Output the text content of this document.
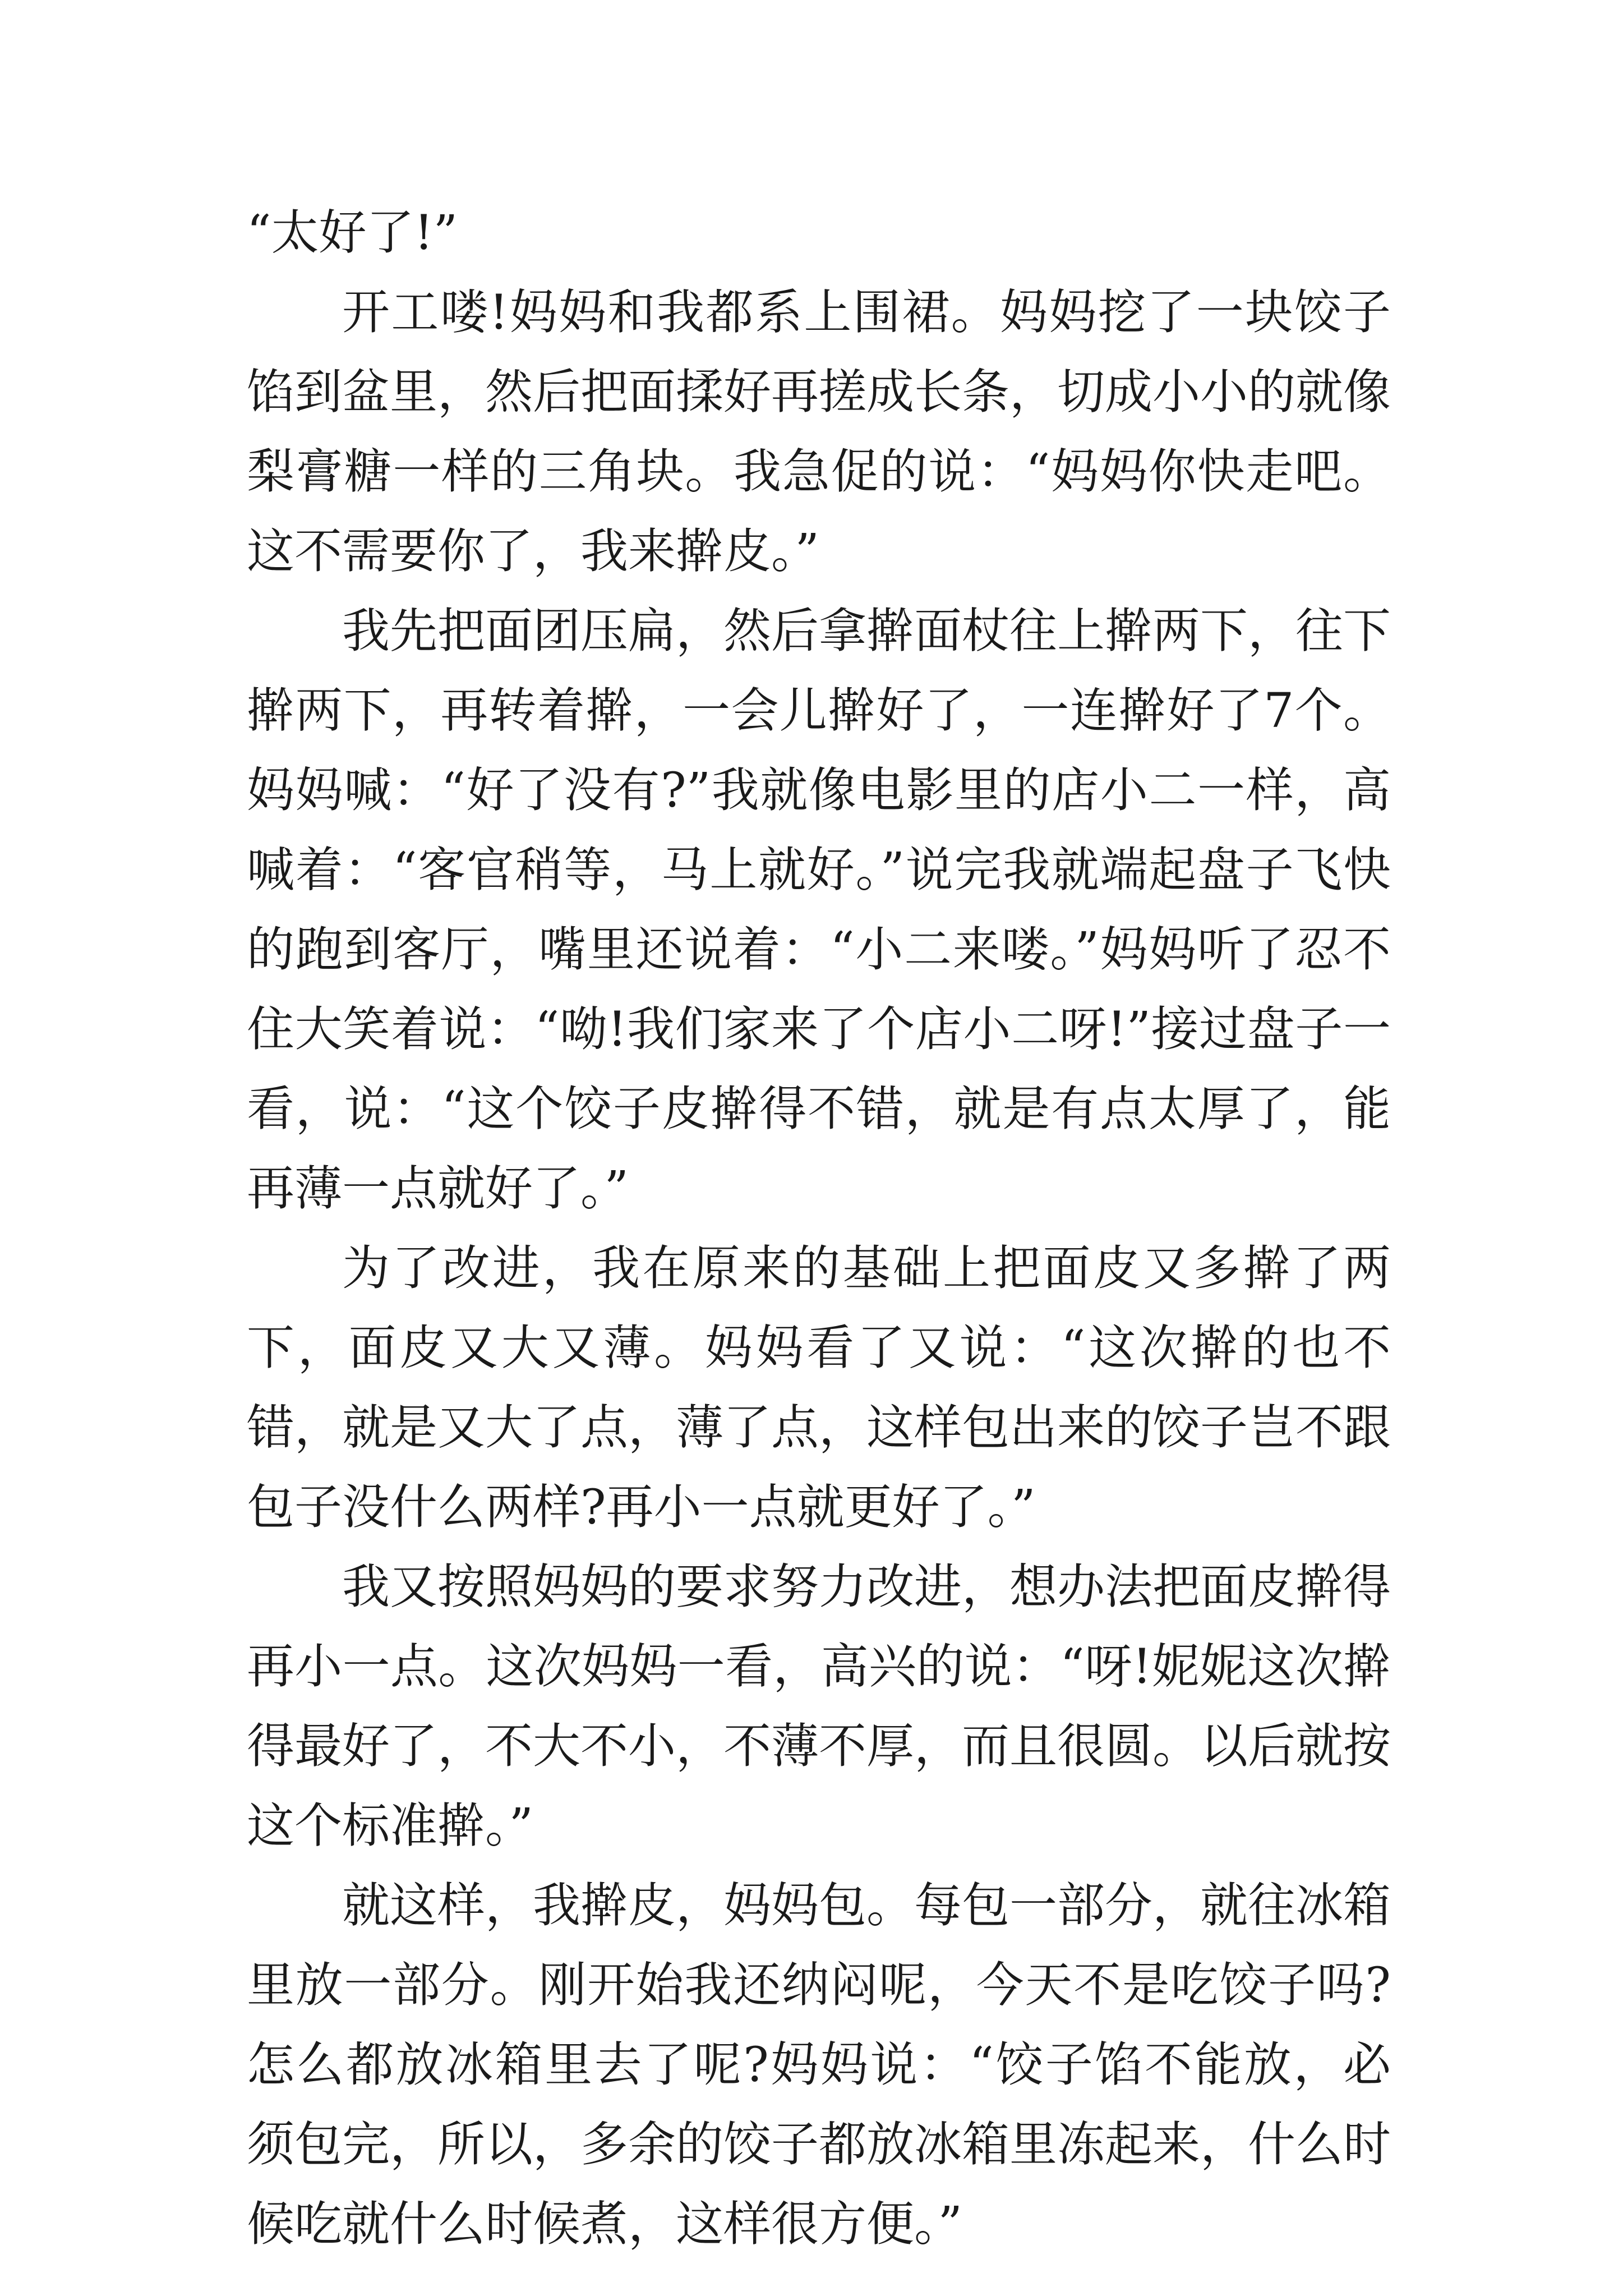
“太好了!”

开工喽!妈妈和我都系上围裙。妈妈挖了一块饺子馅到盆里，然后把面揉好再搓成长条，切成小小的就像梨膏糖一样的三角块。我急促的说：“妈妈你快走吧。这不需要你了，我来擀皮。”

我先把面团压扁，然后拿擀面杖往上擀两下，往下擀两下，再转着擀，一会儿擀好了，一连擀好了7个。妈妈喊：“好了没有?”我就像电影里的店小二一样，高喊着：“客官稍等，马上就好。”说完我就端起盘子飞快的跑到客厅，嘴里还说着：“小二来喽。”妈妈听了忍不住大笑着说：“呦!我们家来了个店小二呀!”接过盘子一看，说：“这个饺子皮擀得不错，就是有点太厚了，能再薄一点就好了。”

为了改进，我在原来的基础上把面皮又多擀了两下，面皮又大又薄。妈妈看了又说：“这次擀的也不错，就是又大了点，薄了点，这样包出来的饺子岂不跟包子没什么两样?再小一点就更好了。”

我又按照妈妈的要求努力改进，想办法把面皮擀得再小一点。这次妈妈一看，高兴的说：“呀!妮妮这次擀得最好了，不大不小，不薄不厚，而且很圆。以后就按这个标准擀。”

就这样，我擀皮，妈妈包。每包一部分，就往冰箱里放一部分。刚开始我还纳闷呢，今天不是吃饺子吗?怎么都放冰箱里去了呢?妈妈说：“饺子馅不能放，必须包完，所以，多余的饺子都放冰箱里冻起来，什么时候吃就什么时候煮，这样很方便。”
